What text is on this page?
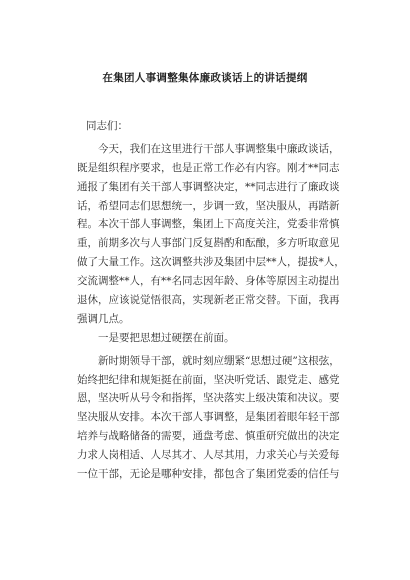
在集团人事调整集体廉政谈话上的讲话提纲
同志们：
今天，我们在这里进行干部人事调整集中廉政谈话，
既是组织程序要求，也是正常工作必有内容。刚才**同志
通报了集团有关干部人事调整决定，**同志进行了廉政谈
话，希望同志们思想统一，步调一致，坚决服从，再踏新
程。本次干部人事调整，集团上下高度关注，党委非常慎
重，前期多次与人事部门反复斟酌和酝酿，多方听取意见
做了大量工作。这次调整共涉及集团中层**人，提拔*人，
交流调整**人，有**名同志因年龄、身体等原因主动提出
退休，应该说觉悟很高，实现新老正常交替。下面，我再
强调几点。
一是要把思想过硬摆在前面。
新时期领导干部，就时刻应绷紧“思想过硬”这根弦，
始终把纪律和规矩挺在前面，坚决听党话、跟党走、感党
恩，坚决听从号令和指挥，坚决落实上级决策和决议。要
坚决服从安排。本次干部人事调整，是集团着眼年轻干部
培养与战略储备的需要，通盘考虑、慎重研究做出的决定
力求人岗相适、人尽其才、人尽其用，力求关心与关爱每
一位干部，无论是哪种安排，都包含了集团党委的信任与
